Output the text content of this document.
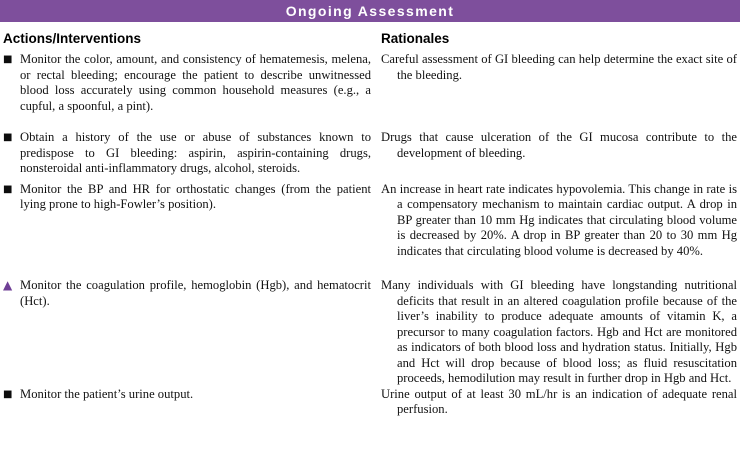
Ongoing Assessment
Actions/Interventions	Rationales
■ Monitor the color, amount, and consistency of hematemesis, melena, or rectal bleeding; encourage the patient to describe unwitnessed blood loss accurately using common household measures (e.g., a cupful, a spoonful, a pint).
Careful assessment of GI bleeding can help determine the exact site of the bleeding.
■ Obtain a history of the use or abuse of substances known to predispose to GI bleeding: aspirin, aspirin-containing drugs, nonsteroidal anti-inflammatory drugs, alcohol, steroids.
Drugs that cause ulceration of the GI mucosa contribute to the development of bleeding.
■ Monitor the BP and HR for orthostatic changes (from the patient lying prone to high-Fowler’s position).
An increase in heart rate indicates hypovolemia. This change in rate is a compensatory mechanism to maintain cardiac output. A drop in BP greater than 10 mm Hg indicates that circulating blood volume is decreased by 20%. A drop in BP greater than 20 to 30 mm Hg indicates that circulating blood volume is decreased by 40%.
▲ Monitor the coagulation profile, hemoglobin (Hgb), and hematocrit (Hct).
Many individuals with GI bleeding have longstanding nutritional deficits that result in an altered coagulation profile because of the liver’s inability to produce adequate amounts of vitamin K, a precursor to many coagulation factors. Hgb and Hct are monitored as indicators of both blood loss and hydration status. Initially, Hgb and Hct will drop because of blood loss; as fluid resuscitation proceeds, hemodilution may result in further drop in Hgb and Hct.
■ Monitor the patient’s urine output.	Urine output of at least 30 mL/hr is an indication of adequate renal perfusion.
